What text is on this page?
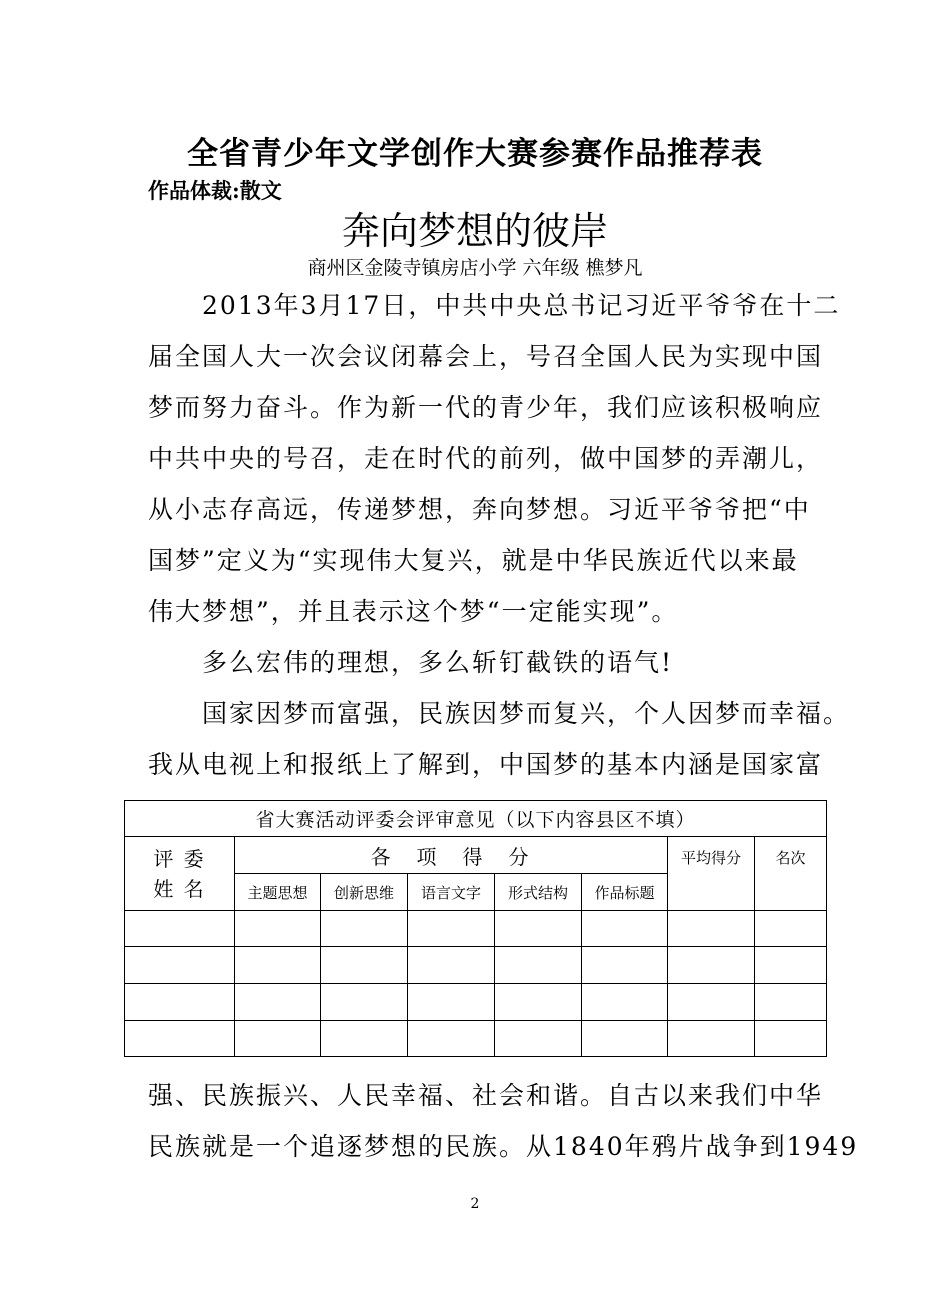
全省青少年文学创作大赛参赛作品推荐表
作品体裁:散文
奔向梦想的彼岸
商州区金陵寺镇房店小学 六年级 樵梦凡
　　2013年3月17日，中共中央总书记习近平爷爷在十二
届全国人大一次会议闭幕会上，号召全国人民为实现中国
梦而努力奋斗。作为新一代的青少年，我们应该积极响应
中共中央的号召，走在时代的前列，做中国梦的弄潮儿，
从小志存高远，传递梦想，奔向梦想。习近平爷爷把“中
国梦”定义为“实现伟大复兴，就是中华民族近代以来最
伟大梦想”，并且表示这个梦“一定能实现”。
　　多么宏伟的理想，多么斩钉截铁的语气!
　　国家因梦而富强，民族因梦而复兴，个人因梦而幸福。
我从电视上和报纸上了解到，中国梦的基本内涵是国家富
省大赛活动评委会评审意见（以下内容县区不填）							

评 委
姓 名	各　项　得　分					平均得分	名次
	主题思想	创新思维	语言文字	形式结构	作品标题		

强、民族振兴、人民幸福、社会和谐。自古以来我们中华
民族就是一个追逐梦想的民族。从1840年鸦片战争到1949
2
